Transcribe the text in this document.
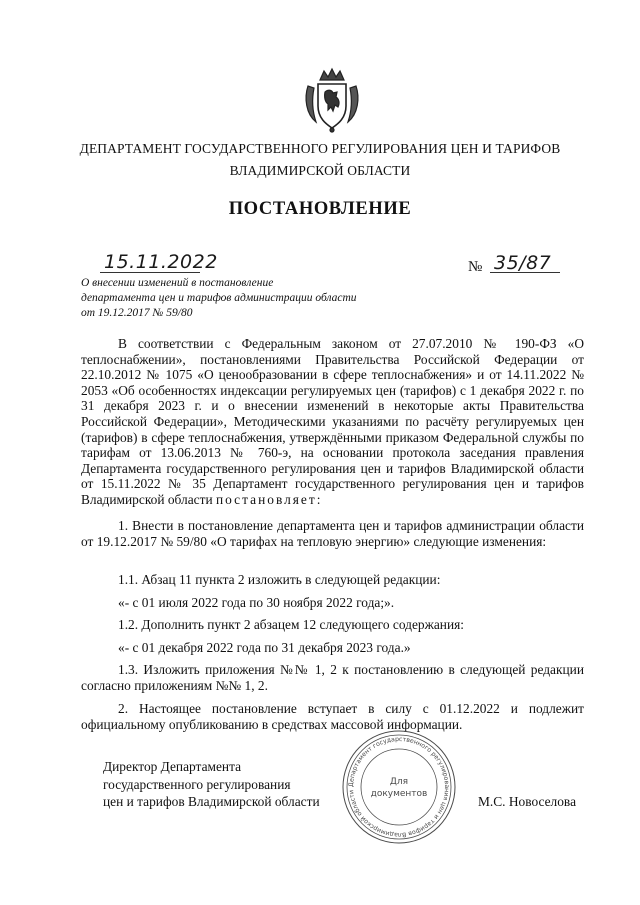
ДЕПАРТАМЕНТ ГОСУДАРСТВЕННОГО РЕГУЛИРОВАНИЯ ЦЕН И ТАРИФОВ
ВЛАДИМИРСКОЙ ОБЛАСТИ
ПОСТАНОВЛЕНИЕ
15.11.2022	№ 35/87
О внесении изменений в постановление
департамента цен и тарифов администрации области
от 19.12.2017 № 59/80
В соответствии с Федеральным законом от 27.07.2010 № 190-ФЗ «О теплоснабжении», постановлениями Правительства Российской Федерации от 22.10.2012 № 1075 «О ценообразовании в сфере теплоснабжения» и от 14.11.2022 № 2053 «Об особенностях индексации регулируемых цен (тарифов) с 1 декабря 2022 г. по 31 декабря 2023 г. и о внесении изменений в некоторые акты Правительства Российской Федерации», Методическими указаниями по расчёту регулируемых цен (тарифов) в сфере теплоснабжения, утверждёнными приказом Федеральной службы по тарифам от 13.06.2013 № 760-э, на основании протокола заседания правления Департамента государственного регулирования цен и тарифов Владимирской области от 15.11.2022 № 35 Департамент государственного регулирования цен и тарифов Владимирской области постановляет:
1. Внести в постановление департамента цен и тарифов администрации области от 19.12.2017 № 59/80 «О тарифах на тепловую энергию» следующие изменения:
1.1. Абзац 11 пункта 2 изложить в следующей редакции:
«- с 01 июля 2022 года по 30 ноября 2022 года;».
1.2. Дополнить пункт 2 абзацем 12 следующего содержания:
«- с 01 декабря 2022 года по 31 декабря 2023 года.»
1.3. Изложить приложения №№ 1, 2 к постановлению в следующей редакции согласно приложениям №№ 1, 2.
2. Настоящее постановление вступает в силу с 01.12.2022 и подлежит официальному опубликованию в средствах массовой информации.
Директор Департамента
государственного регулирования
цен и тарифов Владимирской области	М.С. Новоселова
Департамент государственного регулирования цен и тарифов Владимирской области
Для
документов
